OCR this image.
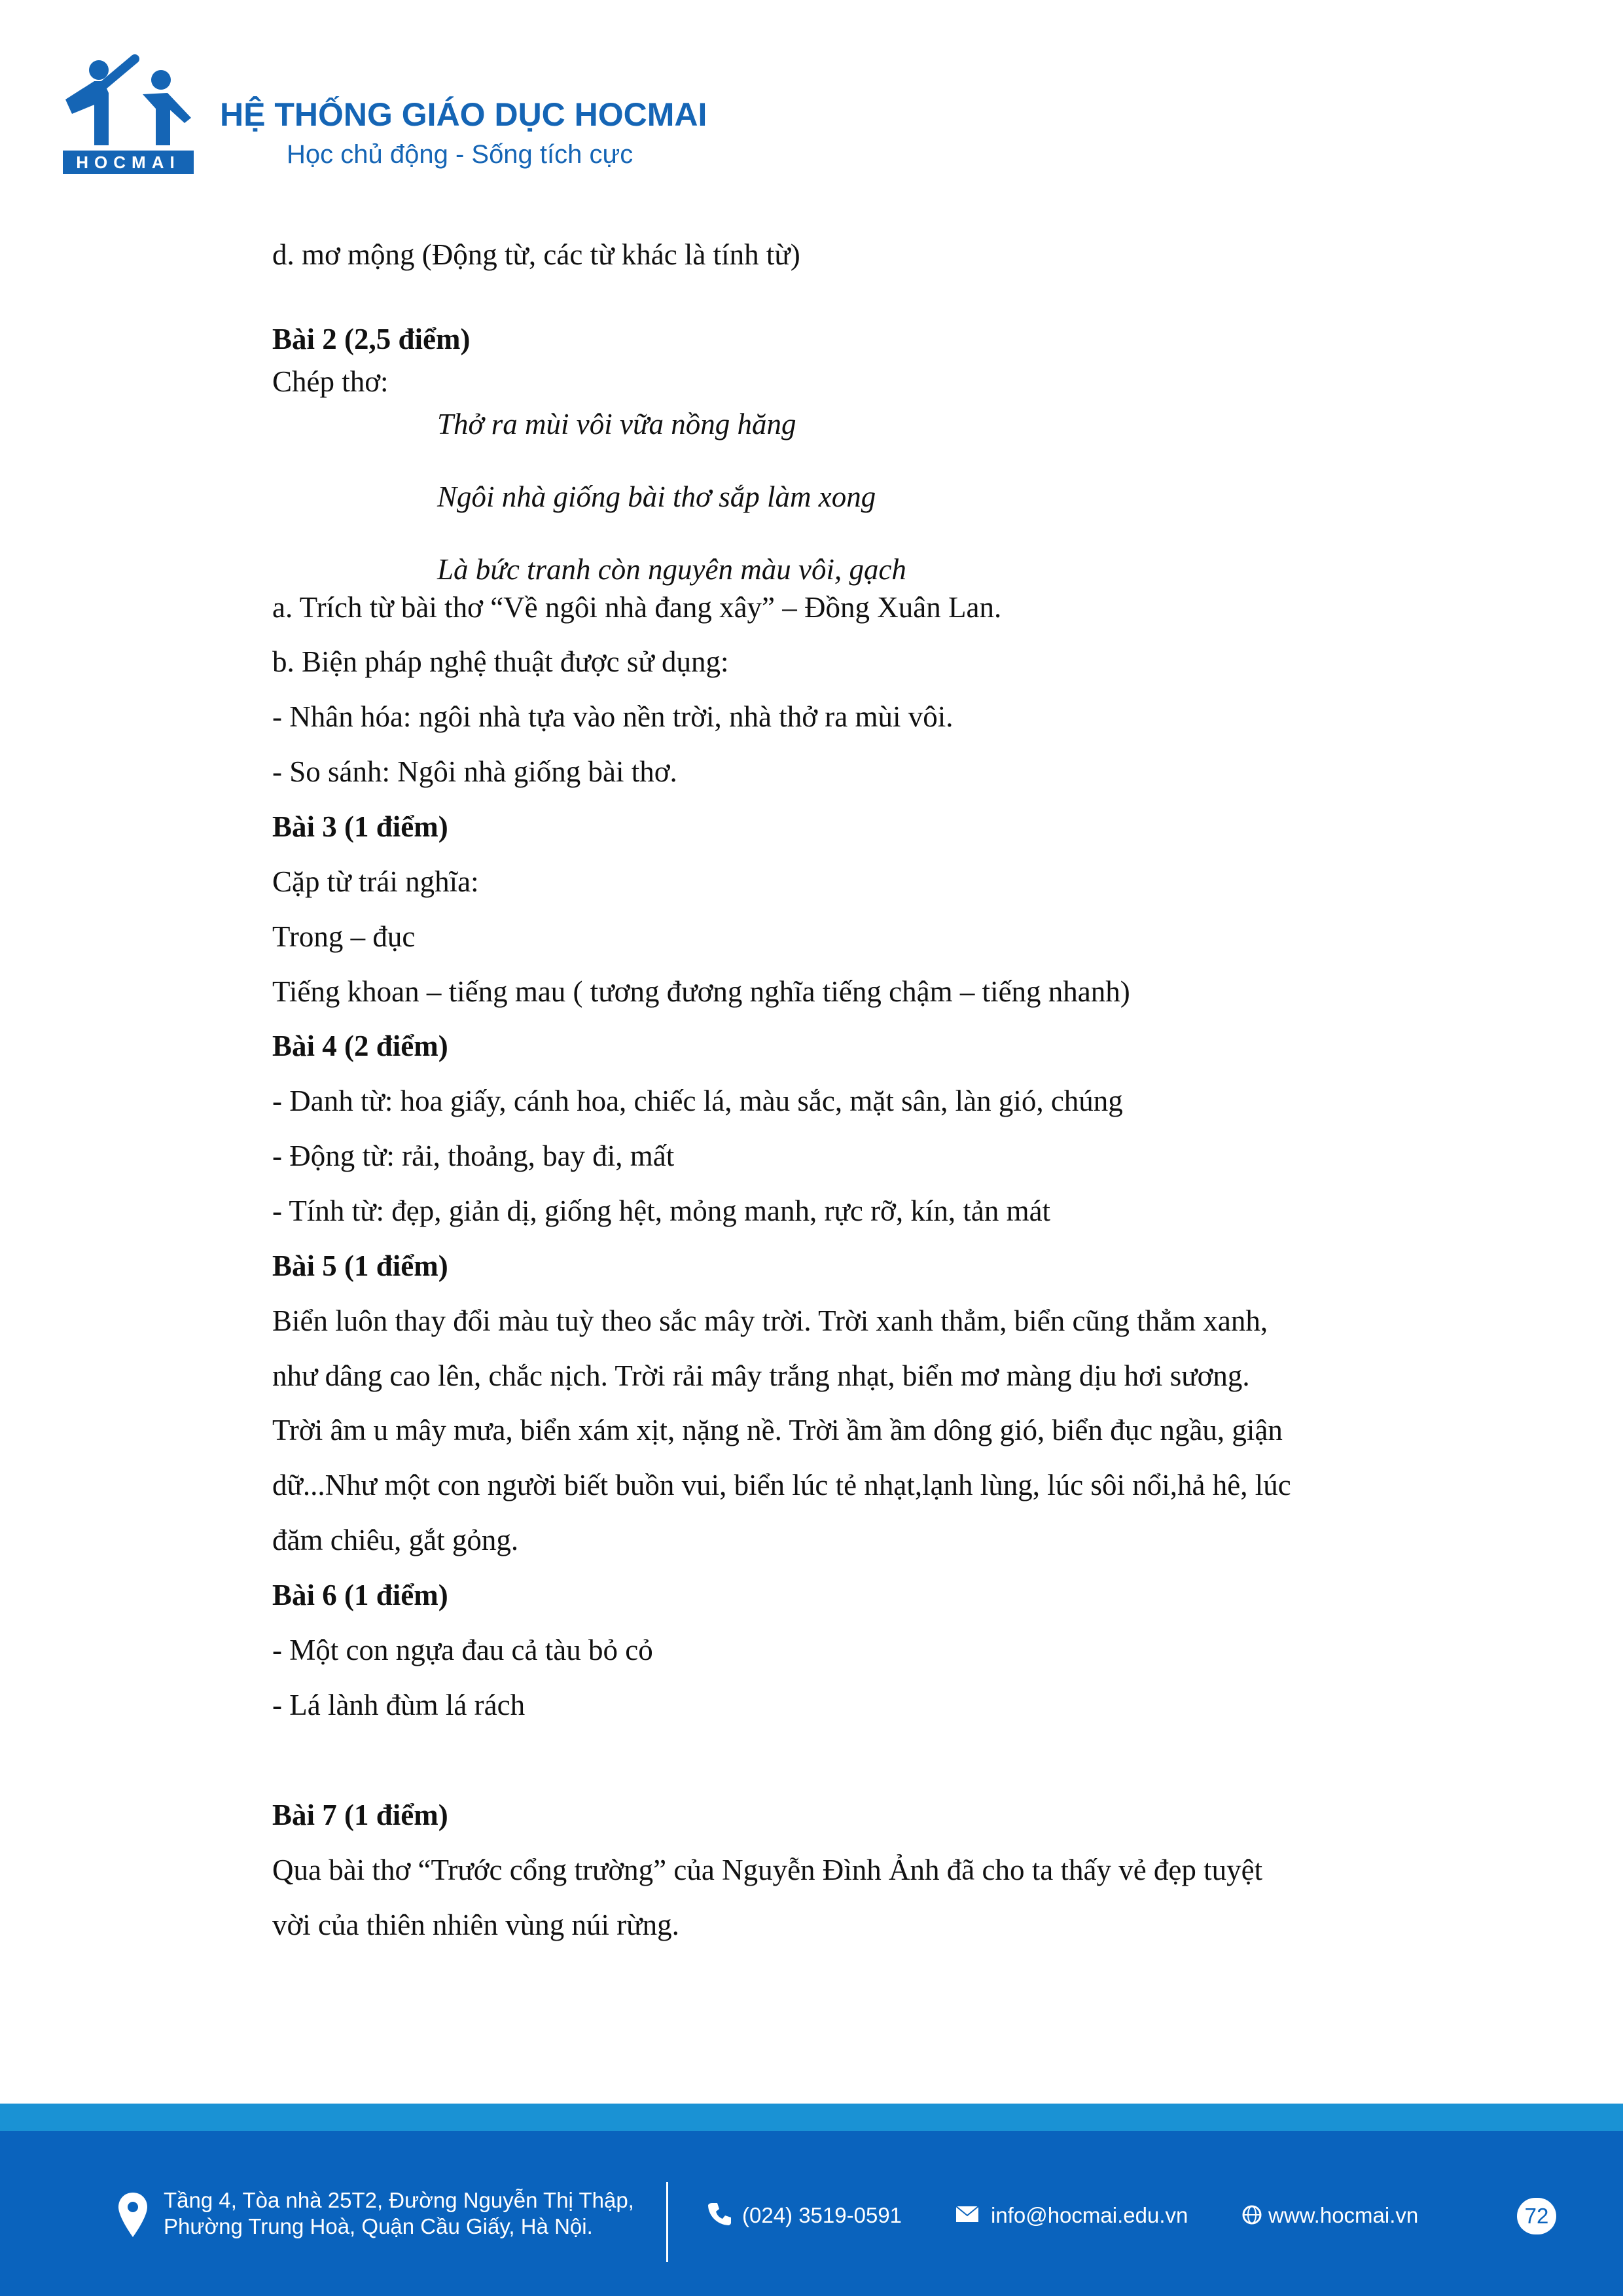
HOCMAI
HỆ THỐNG GIÁO DỤC HOCMAI
Học chủ động - Sống tích cực
d. mơ mộng (Động từ, các từ khác là tính từ)
Bài 2 (2,5 điểm)
Chép thơ:
Thở ra mùi vôi vữa nồng hăng
Ngôi nhà giống bài thơ sắp làm xong
Là bức tranh còn nguyên màu vôi, gạch
a. Trích từ bài thơ “Về ngôi nhà đang xây” – Đồng Xuân Lan.
b. Biện pháp nghệ thuật được sử dụng:
- Nhân hóa: ngôi nhà tựa vào nền trời, nhà thở ra mùi vôi.
- So sánh: Ngôi nhà giống bài thơ.
Bài 3 (1 điểm)
Cặp từ trái nghĩa:
Trong – đục
Tiếng khoan – tiếng mau ( tương đương nghĩa tiếng chậm – tiếng nhanh)
Bài 4 (2 điểm)
- Danh từ: hoa giấy, cánh hoa, chiếc lá, màu sắc, mặt sân, làn gió, chúng
- Động từ: rải, thoảng, bay đi, mất
- Tính từ: đẹp, giản dị, giống hệt, mỏng manh, rực rỡ, kín, tản mát
Bài 5 (1 điểm)
Biển luôn thay đổi màu tuỳ theo sắc mây trời. Trời xanh thẳm, biển cũng thẳm xanh,
như dâng cao lên, chắc nịch. Trời rải mây trắng nhạt, biển mơ màng dịu hơi sương.
Trời âm u mây mưa, biển xám xịt, nặng nề. Trời ầm ầm dông gió, biển đục ngầu, giận
dữ...Như một con người biết buồn vui, biển lúc tẻ nhạt,lạnh lùng, lúc sôi nổi,hả hê, lúc
đăm chiêu, gắt gỏng.
Bài 6 (1 điểm)
- Một con ngựa đau cả tàu bỏ cỏ
- Lá lành đùm lá rách
Bài 7 (1 điểm)
Qua bài thơ “Trước cổng trường” của Nguyễn Đình Ảnh đã cho ta thấy vẻ đẹp tuyệt
vời của thiên nhiên vùng núi rừng.
Tầng 4, Tòa nhà 25T2, Đường Nguyễn Thị Thập,
Phường Trung Hoà, Quận Cầu Giấy, Hà Nội.	(024) 3519-0591	info@hocmai.edu.vn	www.hocmai.vn	72
